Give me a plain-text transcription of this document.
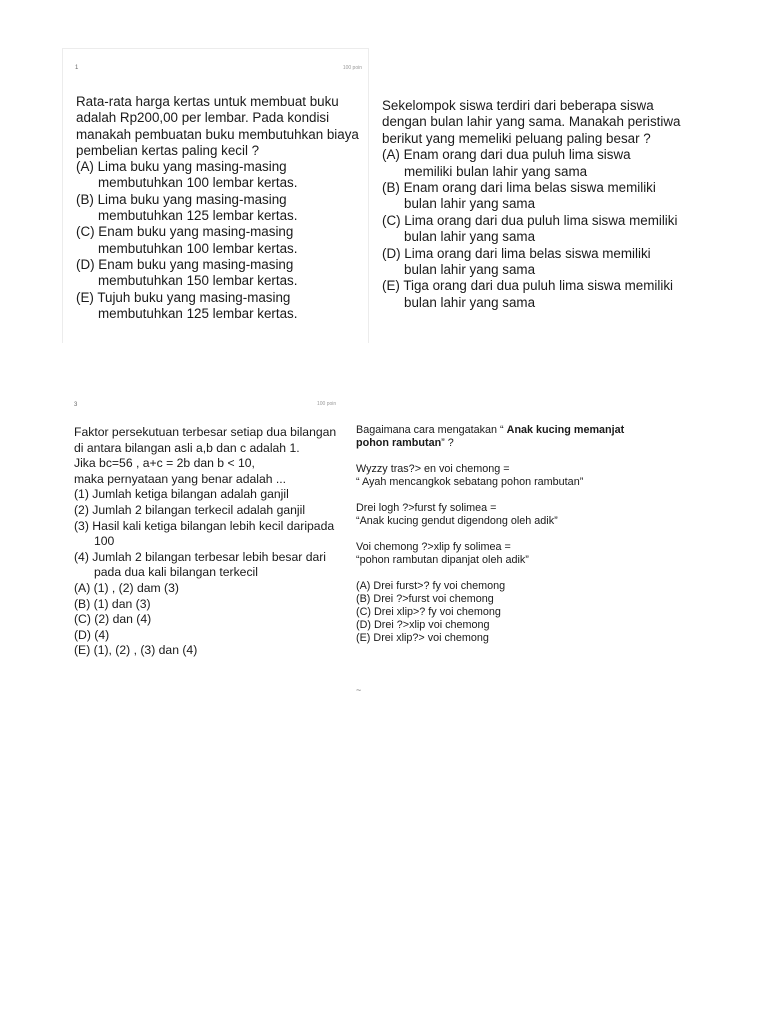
1	100 poin
Rata-rata harga kertas untuk membuat buku adalah Rp200,00 per lembar. Pada kondisi manakah pembuatan buku membutuhkan biaya pembelian kertas paling kecil ?
(A) Lima buku yang masing-masing membutuhkan 100 lembar kertas.
(B) Lima buku yang masing-masing membutuhkan 125 lembar kertas.
(C) Enam buku yang masing-masing membutuhkan 100 lembar kertas.
(D) Enam buku yang masing-masing membutuhkan 150 lembar kertas.
(E) Tujuh buku yang masing-masing membutuhkan 125 lembar kertas.
Sekelompok siswa terdiri dari beberapa siswa dengan bulan lahir yang sama. Manakah peristiwa berikut yang memeliki peluang paling besar ?
(A) Enam orang dari dua puluh lima siswa memiliki bulan lahir yang sama
(B) Enam orang dari lima belas siswa memiliki bulan lahir yang sama
(C) Lima orang dari dua puluh lima siswa memiliki bulan lahir yang sama
(D) Lima orang dari lima belas siswa memiliki bulan lahir yang sama
(E) Tiga orang dari dua puluh lima siswa memiliki bulan lahir yang sama
3	100 poin
Faktor persekutuan terbesar setiap dua bilangan di antara bilangan asli a,b dan c adalah 1.
Jika bc=56 , a+c = 2b dan b < 10,
maka pernyataan yang benar adalah ...
(1) Jumlah ketiga bilangan adalah ganjil
(2) Jumlah 2 bilangan terkecil adalah ganjil
(3) Hasil kali ketiga bilangan lebih kecil daripada 100
(4) Jumlah 2 bilangan terbesar lebih besar dari pada dua kali bilangan terkecil
(A) (1) , (2) dam (3)
(B) (1) dan (3)
(C) (2) dan (4)
(D) (4)
(E) (1), (2) , (3) dan (4)
Bagaimana cara mengatakan “ Anak kucing memanjat pohon rambutan” ?
Wyzzy tras?> en voi chemong =
“ Ayah mencangkok sebatang pohon rambutan”
Drei logh ?>furst fy solimea =
“Anak kucing gendut digendong oleh adik”
Voi chemong ?>xlip fy solimea =
“pohon rambutan dipanjat oleh adik”
(A) Drei furst>? fy voi chemong
(B) Drei ?>furst voi chemong
(C) Drei xlip>? fy voi chemong
(D) Drei ?>xlip voi chemong
(E) Drei xlip?> voi chemong
~
